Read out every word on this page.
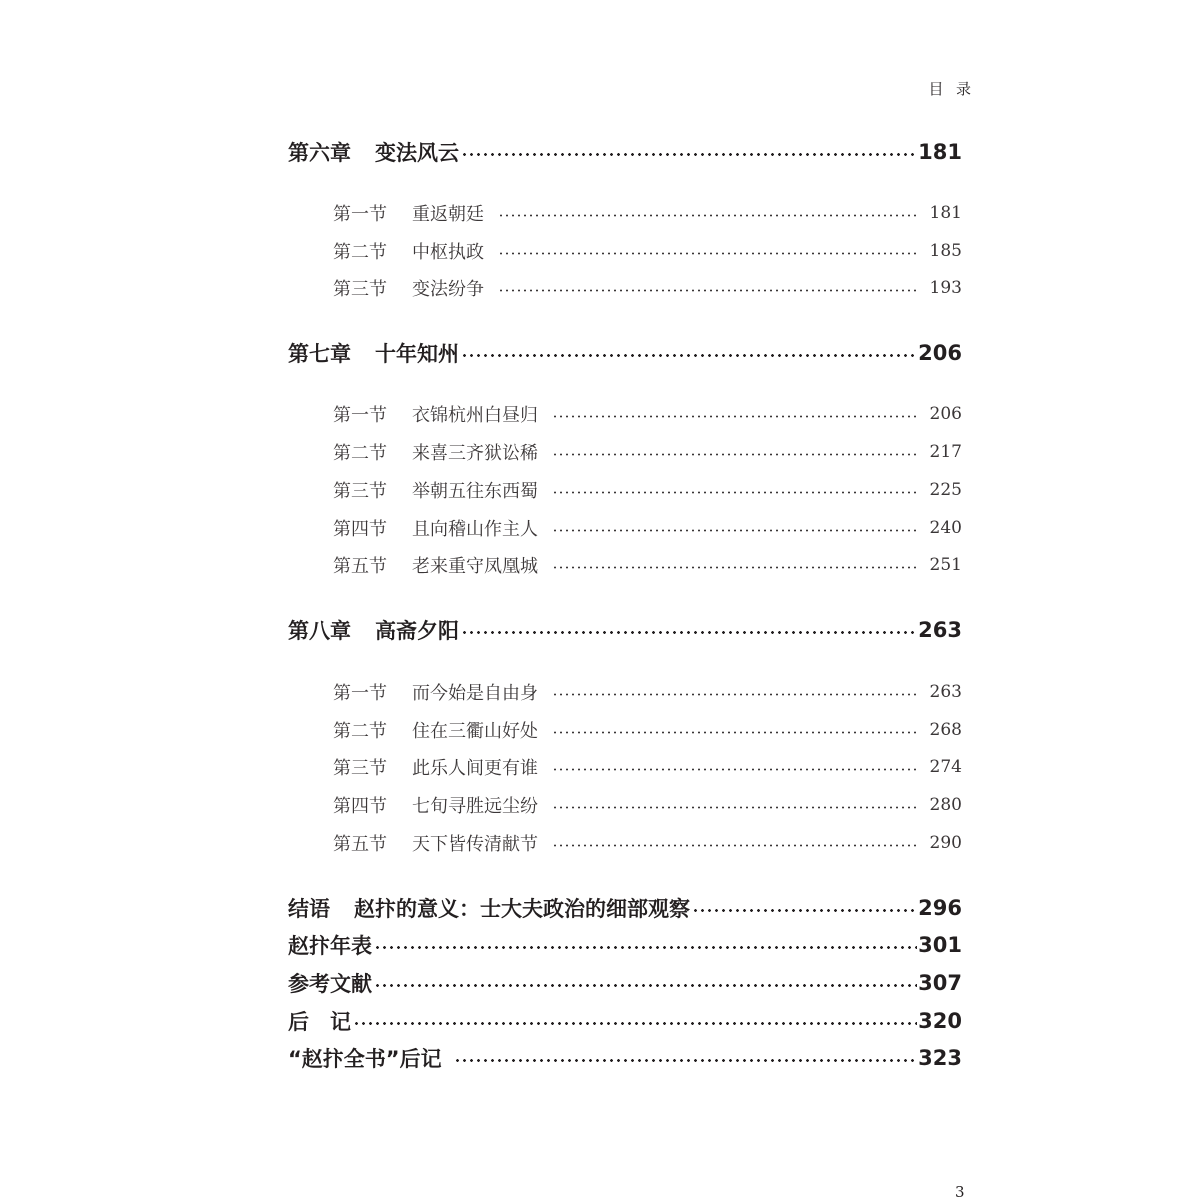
目  录
第六章 变法风云	181
第一节	重返朝廷	181
第二节	中枢执政	185
第三节	变法纷争	193
第七章 十年知州	206
第一节	衣锦杭州白昼归	206
第二节	来喜三齐狱讼稀	217
第三节	举朝五往东西蜀	225
第四节	且向稽山作主人	240
第五节	老来重守凤凰城	251
第八章 高斋夕阳	263
第一节	而今始是自由身	263
第二节	住在三衢山好处	268
第三节	此乐人间更有谁	274
第四节	七旬寻胜远尘纷	280
第五节	天下皆传清献节	290
结语 赵抃的意义：士大夫政治的细部观察	296
赵抃年表	301
参考文献	307
后　记	320
“赵抃全书”后记	323
3
